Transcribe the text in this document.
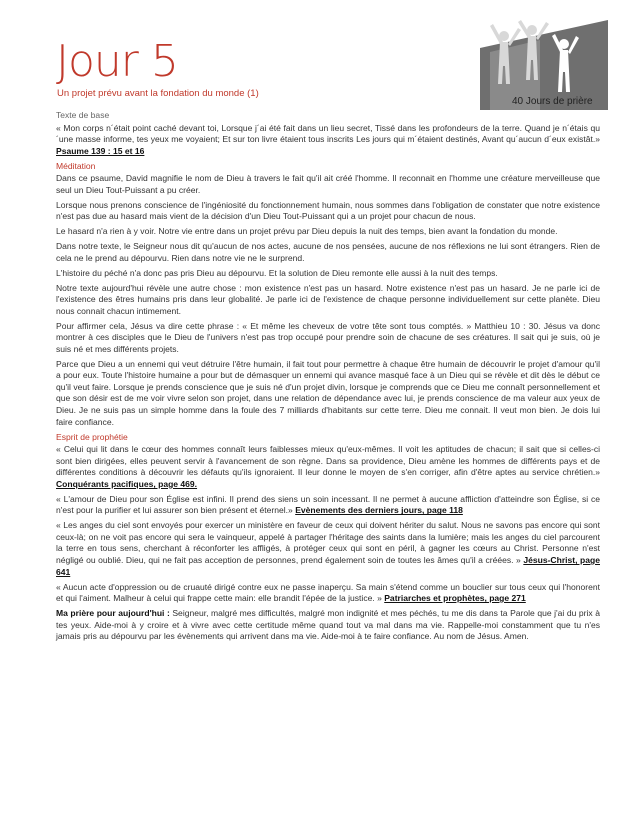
Jour 5
Un projet prévu avant la fondation du monde (1)
40 Jours de prière

Texte de base

« Mon corps n´était point caché devant toi, Lorsque j´ai été fait dans un lieu secret, Tissé dans les profondeurs de la terre. Quand je n´étais qu´une masse informe, tes yeux me voyaient; Et sur ton livre étaient tous inscrits Les jours qui m´étaient destinés, Avant qu´aucun d´eux existât.» Psaume 139 : 15 et 16

Méditation

Dans ce psaume, David magnifie le nom de Dieu à travers le fait qu'il ait créé l'homme. Il reconnait en l'homme une créature merveilleuse que seul un Dieu Tout-Puissant a pu créer.

Lorsque nous prenons conscience de l'ingéniosité du fonctionnement humain, nous sommes dans l'obligation de constater que notre existence n'est pas due au hasard mais vient de la décision d'un Dieu Tout-Puissant qui a un projet pour chacun de nous.

Le hasard n'a rien à y voir. Notre vie entre dans un projet prévu par Dieu depuis la nuit des temps, bien avant la fondation du monde.

Dans notre texte, le Seigneur nous dit qu'aucun de nos actes, aucune de nos pensées, aucune de nos réflexions ne lui sont étrangers. Rien de cela ne le prend au dépourvu. Rien dans notre vie ne le surprend.

L'histoire du péché n'a donc pas pris Dieu au dépourvu. Et la solution de Dieu remonte elle aussi à la nuit des temps.

Notre texte aujourd'hui révèle une autre chose : mon existence n'est pas un hasard. Notre existence n'est pas un hasard. Je ne parle ici de l'existence des êtres humains pris dans leur globalité. Je parle ici de l'existence de chaque personne individuellement sur cette planète. Dieu nous connait chacun intimement.

Pour affirmer cela, Jésus va dire cette phrase : « Et même les cheveux de votre tête sont tous comptés. » Matthieu 10 : 30. Jésus va donc montrer à ces disciples que le Dieu de l'univers n'est pas trop occupé pour prendre soin de chacune de ses créatures. Il sait qui je suis, où je suis né et mes différents projets.

Parce que Dieu a un ennemi qui veut détruire l'être humain, il fait tout pour permettre à chaque être humain de découvrir le projet d'amour qu'il a pour eux. Toute l'histoire humaine a pour but de démasquer un ennemi qui avance masqué face à un Dieu qui se révèle et dit dès le début ce qu'il veut faire. Lorsque je prends conscience que je suis né d'un projet divin, lorsque je comprends que ce Dieu me connaît personnellement et que son désir est de me voir vivre selon son projet, dans une relation de dépendance avec lui, je prends conscience de ma valeur aux yeux de Dieu. Je ne suis pas un simple homme dans la foule des 7 milliards d'habitants sur cette terre. Dieu me connait. Il veut mon bien. Je dois lui faire confiance.

Esprit de prophétie

« Celui qui lit dans le cœur des hommes connaît leurs faiblesses mieux qu'eux-mêmes. Il voit les aptitudes de chacun; il sait que si celles-ci sont bien dirigées, elles peuvent servir à l'avancement de son règne. Dans sa providence, Dieu amène les hommes de différents pays et de différentes conditions à découvrir les défauts qu'ils ignoraient. Il leur donne le moyen de s'en corriger, afin d'être aptes au service chrétien.» Conquérants pacifiques, page 469.

« L'amour de Dieu pour son Église est infini. Il prend des siens un soin incessant. Il ne permet à aucune affliction d'atteindre son Église, si ce n'est pour la purifier et lui assurer son bien présent et éternel.» Evènements des derniers jours, page 118

« Les anges du ciel sont envoyés pour exercer un ministère en faveur de ceux qui doivent hériter du salut. Nous ne savons pas encore qui sont ceux-là; on ne voit pas encore qui sera le vainqueur, appelé à partager l'héritage des saints dans la lumière; mais les anges du ciel parcourent la terre en tous sens, cherchant à réconforter les affligés, à protéger ceux qui sont en péril, à gagner les cœurs au Christ. Personne n'est négligé ou oublié. Dieu, qui ne fait pas acception de personnes, prend également soin de toutes les âmes qu'il a créées. » Jésus-Christ, page 641

« Aucun acte d'oppression ou de cruauté dirigé contre eux ne passe inaperçu. Sa main s'étend comme un bouclier sur tous ceux qui l'honorent et qui l'aiment. Malheur à celui qui frappe cette main: elle brandit l'épée de la justice. » Patriarches et prophètes, page 271

Ma prière pour aujourd'hui : Seigneur, malgré mes difficultés, malgré mon indignité et mes péchés, tu me dis dans ta Parole que j'ai du prix à tes yeux. Aide-moi à y croire et à vivre avec cette certitude même quand tout va mal dans ma vie. Rappelle-moi constamment que tu n'es jamais pris au dépourvu par les évènements qui arrivent dans ma vie. Aide-moi à te faire confiance. Au nom de Jésus. Amen.
